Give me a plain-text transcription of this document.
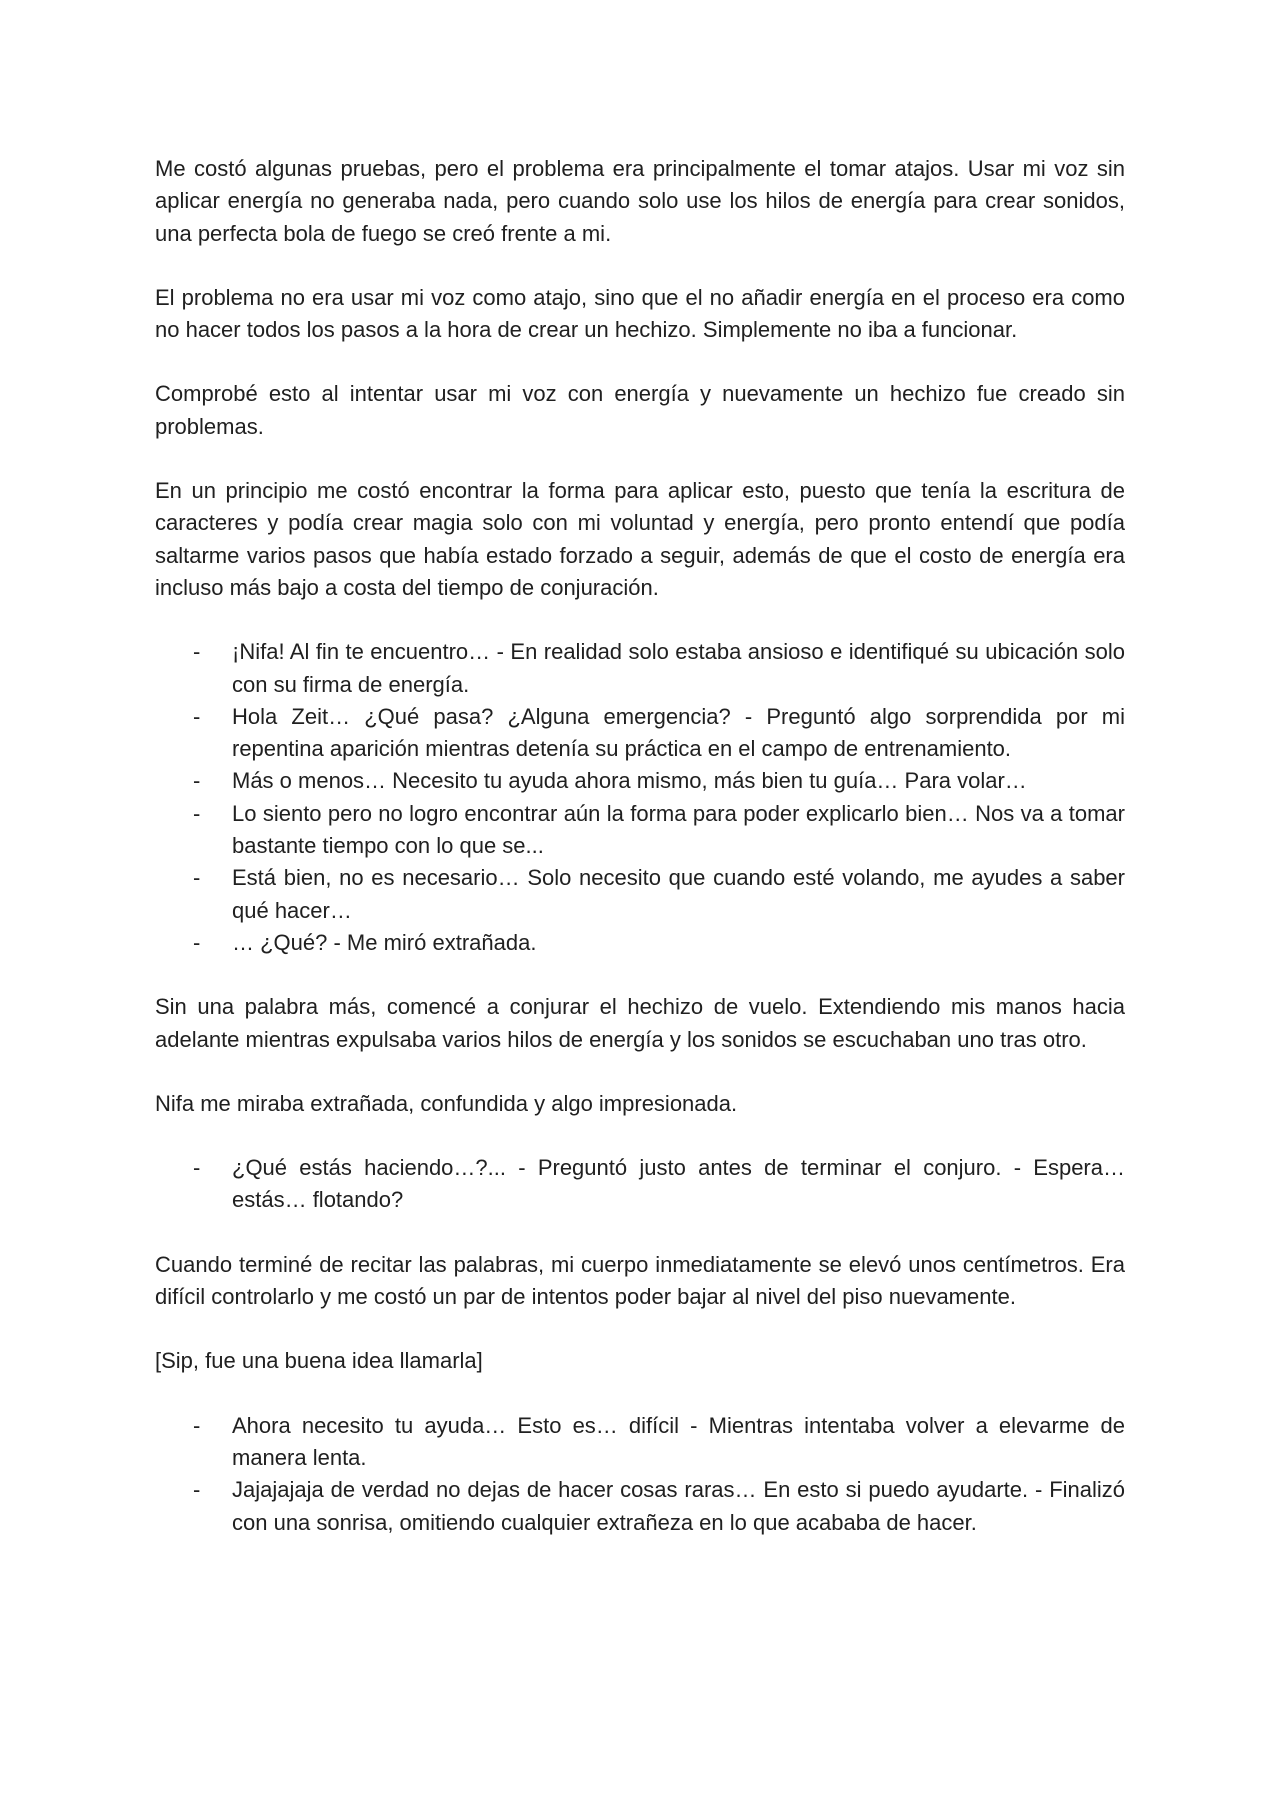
Me costó algunas pruebas, pero el problema era principalmente el tomar atajos. Usar mi voz sin aplicar energía no generaba nada, pero cuando solo use los hilos de energía para crear sonidos, una perfecta bola de fuego se creó frente a mi.

El problema no era usar mi voz como atajo, sino que el no añadir energía en el proceso era como no hacer todos los pasos a la hora de crear un hechizo. Simplemente no iba a funcionar.

Comprobé esto al intentar usar mi voz con energía y nuevamente un hechizo fue creado sin problemas.

En un principio me costó encontrar la forma para aplicar esto, puesto que tenía la escritura de caracteres y podía crear magia solo con mi voluntad y energía, pero pronto entendí que podía saltarme varios pasos que había estado forzado a seguir, además de que el costo de energía era incluso más bajo a costa del tiempo de conjuración.

- ¡Nifa! Al fin te encuentro… - En realidad solo estaba ansioso e identifiqué su ubicación solo con su firma de energía.
- Hola Zeit… ¿Qué pasa? ¿Alguna emergencia? - Preguntó algo sorprendida por mi repentina aparición mientras detenía su práctica en el campo de entrenamiento.
- Más o menos… Necesito tu ayuda ahora mismo, más bien tu guía… Para volar…
- Lo siento pero no logro encontrar aún la forma para poder explicarlo bien… Nos va a tomar bastante tiempo con lo que se...
- Está bien, no es necesario… Solo necesito que cuando esté volando, me ayudes a saber qué hacer…
- … ¿Qué? - Me miró extrañada.

Sin una palabra más, comencé a conjurar el hechizo de vuelo. Extendiendo mis manos hacia adelante mientras expulsaba varios hilos de energía y los sonidos se escuchaban uno tras otro.

Nifa me miraba extrañada, confundida y algo impresionada.

- ¿Qué estás haciendo…?... - Preguntó justo antes de terminar el conjuro. - Espera… estás… flotando?

Cuando terminé de recitar las palabras, mi cuerpo inmediatamente se elevó unos centímetros. Era difícil controlarlo y me costó un par de intentos poder bajar al nivel del piso nuevamente.

[Sip, fue una buena idea llamarla]

- Ahora necesito tu ayuda… Esto es… difícil - Mientras intentaba volver a elevarme de manera lenta.
- Jajajajaja de verdad no dejas de hacer cosas raras… En esto si puedo ayudarte. - Finalizó con una sonrisa, omitiendo cualquier extrañeza en lo que acababa de hacer.
